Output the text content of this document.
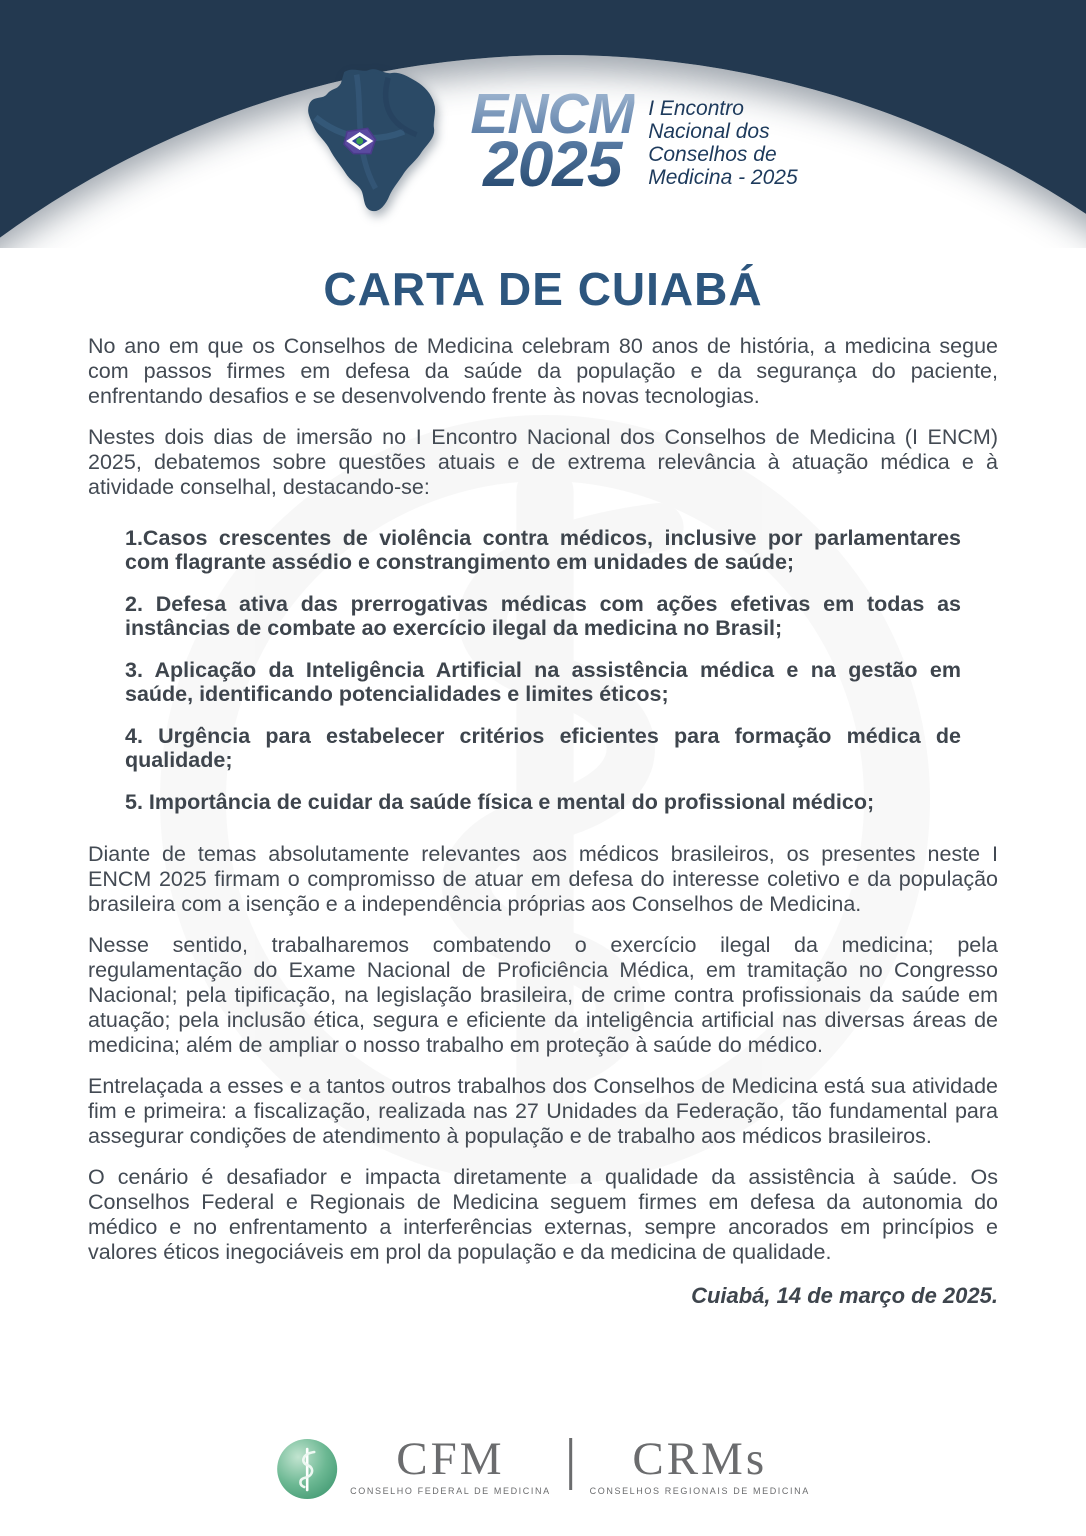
ENCM
2025
I Encontro
Nacional dos
Conselhos de
Medicina - 2025
CARTA DE CUIABÁ

No ano em que os Conselhos de Medicina celebram 80 anos de história, a medicina segue com passos firmes em defesa da saúde da população e da segurança do paciente, enfrentando desafios e se desenvolvendo frente às novas tecnologias.

Nestes dois dias de imersão no I Encontro Nacional dos Conselhos de Medicina (I ENCM) 2025, debatemos sobre questões atuais e de extrema relevância à atuação médica e à atividade conselhal, destacando-se:

1.Casos crescentes de violência contra médicos, inclusive por parlamentares com flagrante assédio e constrangimento em unidades de saúde;

2. Defesa ativa das prerrogativas médicas com ações efetivas em todas as instâncias de combate ao exercício ilegal da medicina no Brasil;

3. Aplicação da Inteligência Artificial na assistência médica e na gestão em saúde, identificando potencialidades e limites éticos;

4. Urgência para estabelecer critérios eficientes para formação médica de qualidade;

5. Importância de cuidar da saúde física e mental do profissional médico;

Diante de temas absolutamente relevantes aos médicos brasileiros, os presentes neste I ENCM 2025 firmam o compromisso de atuar em defesa do interesse coletivo e da população brasileira com a isenção e a independência próprias aos Conselhos de Medicina.

Nesse sentido, trabalharemos combatendo o exercício ilegal da medicina; pela regulamentação do Exame Nacional de Proficiência Médica, em tramitação no Congresso Nacional; pela tipificação, na legislação brasileira, de crime contra profissionais da saúde em atuação; pela inclusão ética, segura e eficiente da inteligência artificial nas diversas áreas de medicina; além de ampliar o nosso trabalho em proteção à saúde do médico.

Entrelaçada a esses e a tantos outros trabalhos dos Conselhos de Medicina está sua atividade fim e primeira: a fiscalização, realizada nas 27 Unidades da Federação, tão fundamental para assegurar condições de atendimento à população e de trabalho aos médicos brasileiros.

O cenário é desafiador e impacta diretamente a qualidade da assistência à saúde. Os Conselhos Federal e Regionais de Medicina seguem firmes em defesa da autonomia do médico e no enfrentamento a interferências externas, sempre ancorados em princípios e valores éticos inegociáveis em prol da população e da medicina de qualidade.

Cuiabá, 14 de março de 2025.

CFM
CONSELHO FEDERAL DE MEDICINA
CRMs
CONSELHOS REGIONAIS DE MEDICINA
